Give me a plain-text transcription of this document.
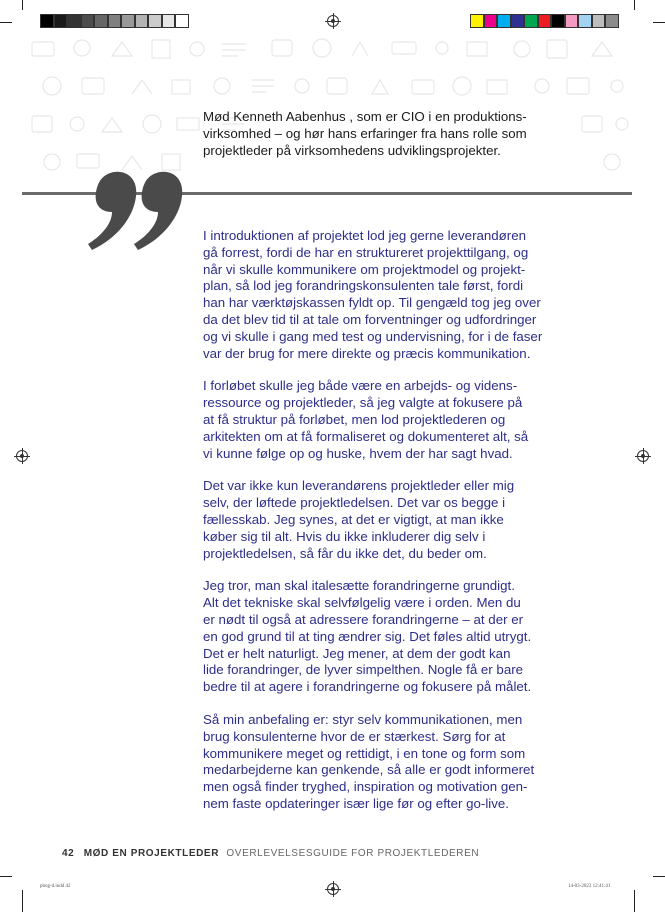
Mød Kenneth Aabenhus , som er CIO i en produktions-
virksomhed – og hør hans erfaringer fra hans rolle som
projektleder på virksomhedens udviklingsprojekter.

I introduktionen af projektet lod jeg gerne leverandøren
gå forrest, fordi de har en struktureret projekttilgang, og
når vi skulle kommunikere om projektmodel og projekt-
plan, så lod jeg forandringskonsulenten tale først, fordi
han har værktøjskassen fyldt op. Til gengæld tog jeg over
da det blev tid til at tale om forventninger og udfordringer
og vi skulle i gang med test og undervisning, for i de faser
var der brug for mere direkte og præcis kommunikation.

I forløbet skulle jeg både være en arbejds- og videns-
ressource og projektleder, så jeg valgte at fokusere på
at få struktur på forløbet, men lod projektlederen og
arkitekten om at få formaliseret og dokumenteret alt, så
vi kunne følge op og huske, hvem der har sagt hvad.

Det var ikke kun leverandørens projektleder eller mig
selv, der løftede projektledelsen. Det var os begge i
fællesskab. Jeg synes, at det er vigtigt, at man ikke
køber sig til alt. Hvis du ikke inkluderer dig selv i
projektledelsen, så får du ikke det, du beder om.

Jeg tror, man skal italesætte forandringerne grundigt.
Alt det tekniske skal selvfølgelig være i orden. Men du
er nødt til også at adressere forandringerne – at der er
en god grund til at ting ændrer sig. Det føles altid utrygt.
Det er helt naturligt. Jeg mener, at dem der godt kan
lide forandringer, de lyver simpelthen. Nogle få er bare
bedre til at agere i forandringerne og fokusere på målet.

Så min anbefaling er: styr selv kommunikationen, men
brug konsulenterne hvor de er stærkest. Sørg for at
kommunikere meget og rettidigt, i en tone og form som
medarbejderne kan genkende, så alle er godt informeret
men også finder tryghed, inspiration og motivation gen-
nem faste opdateringer især lige før og efter go-live.

42 MØD EN PROJEKTLEDER OVERLEVELSESGUIDE FOR PROJEKTLEDEREN
pbog-d.indd 42	14-03-2023 12:41:41
